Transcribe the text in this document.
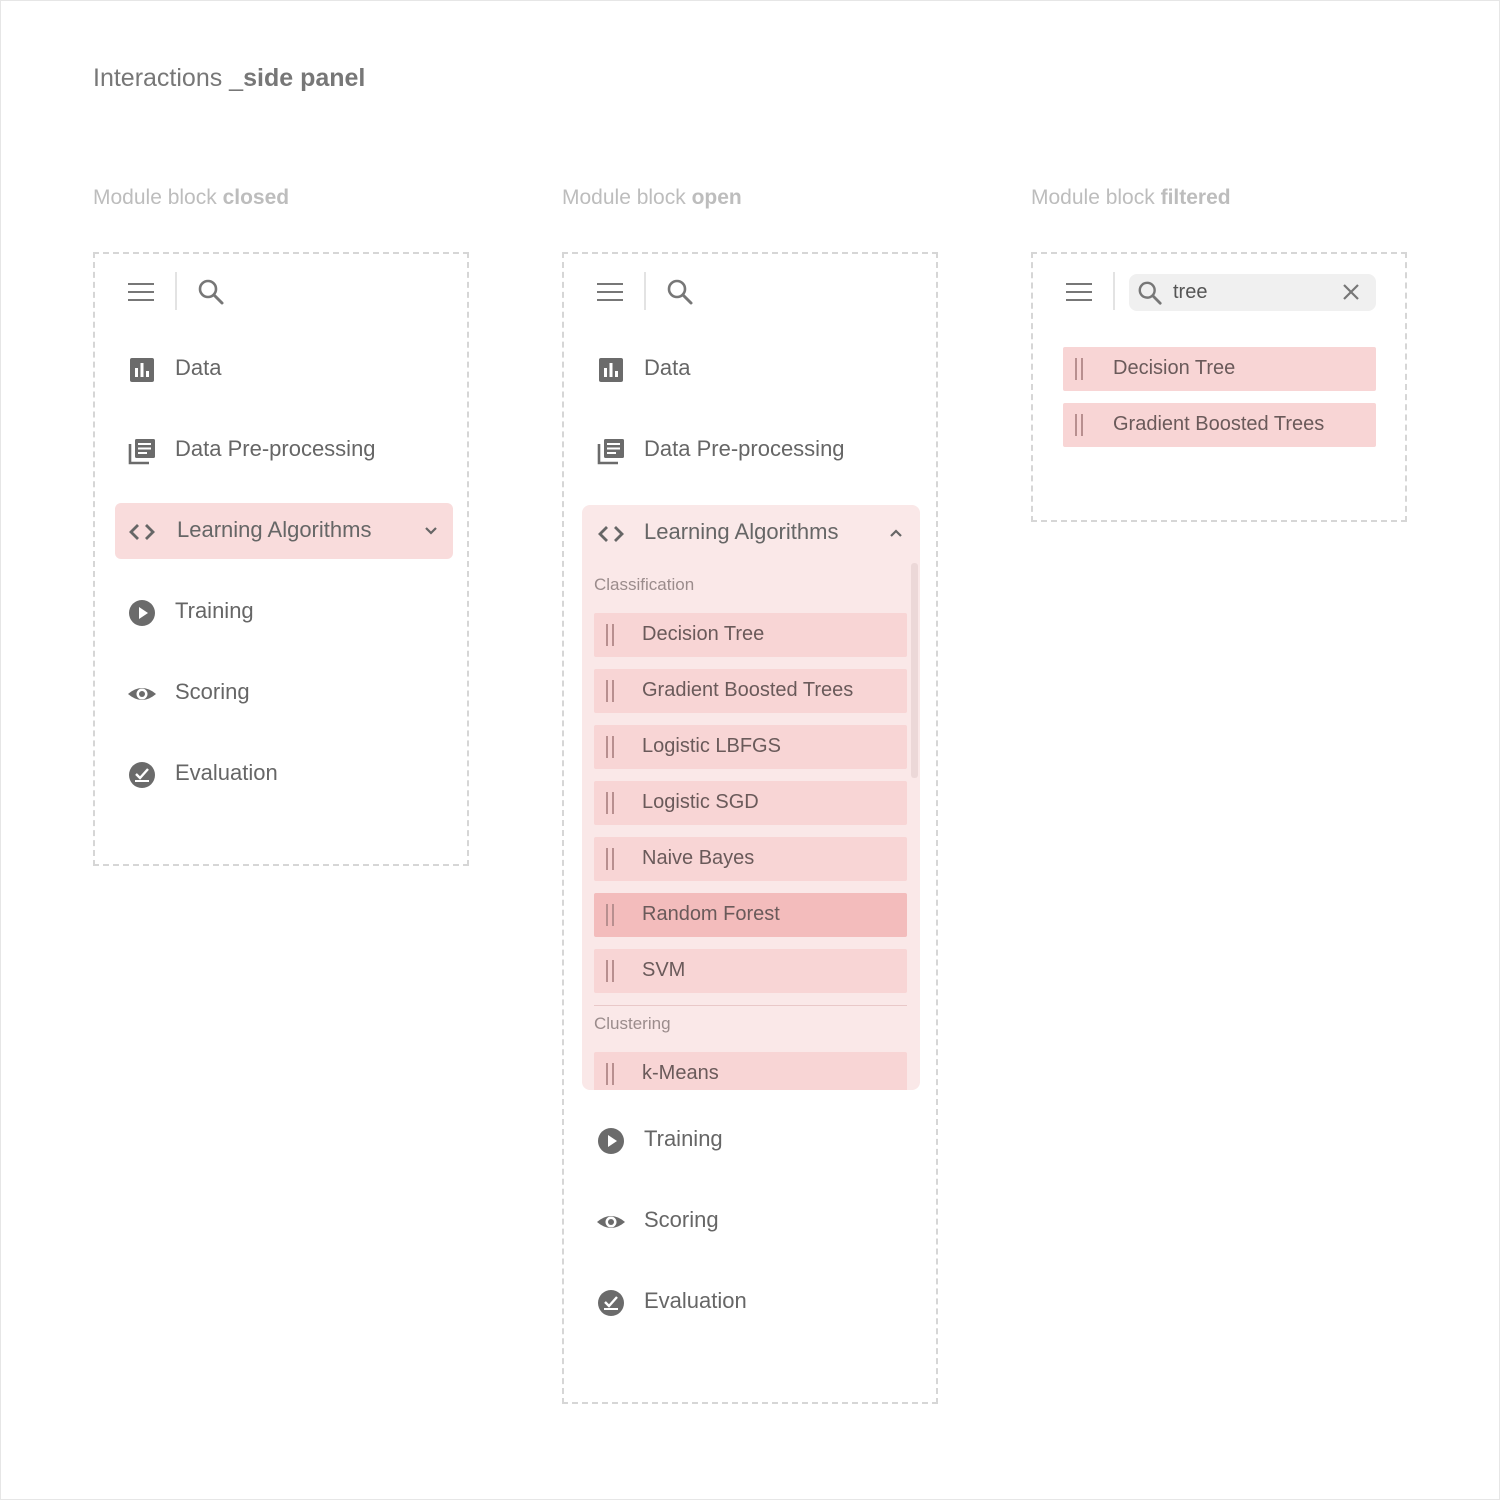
Interactions _side panel
Module block closed	Module block open	Module block filtered
Data
Data Pre-processing
Learning Algorithms
Training
Scoring
Evaluation
Data
Data Pre-processing
Learning Algorithms
Classification
Decision Tree
Gradient Boosted Trees
Logistic LBFGS
Logistic SGD
Naive Bayes
Random Forest
SVM
Clustering
k-Means
Training
Scoring
Evaluation
tree
Decision Tree
Gradient Boosted Trees
